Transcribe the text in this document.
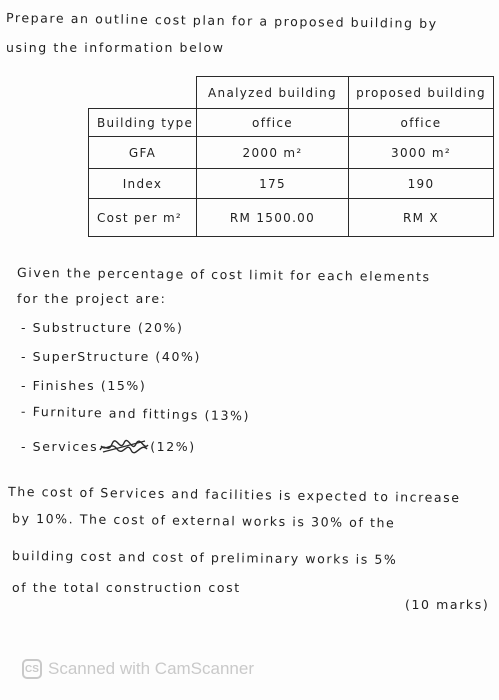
Prepare an outline cost plan for a proposed building by
using the information below
	Analyzed building	proposed building
Building type	office	office
GFA	2000 m²	3000 m²
Index	175	190
Cost per m²	RM 1500.00	RM X
Given the percentage of cost limit for each elements
for the project are:
- Substructure (20%)
- SuperStructure (40%)
- Finishes (15%)
- Furniture and fittings (13%)
- Services	(12%)
The cost of Services and facilities is expected to increase
by 10%. The cost of external works is 30% of the
building cost and cost of preliminary works is 5%
of the total construction cost
(10 marks)
CS Scanned with CamScanner
